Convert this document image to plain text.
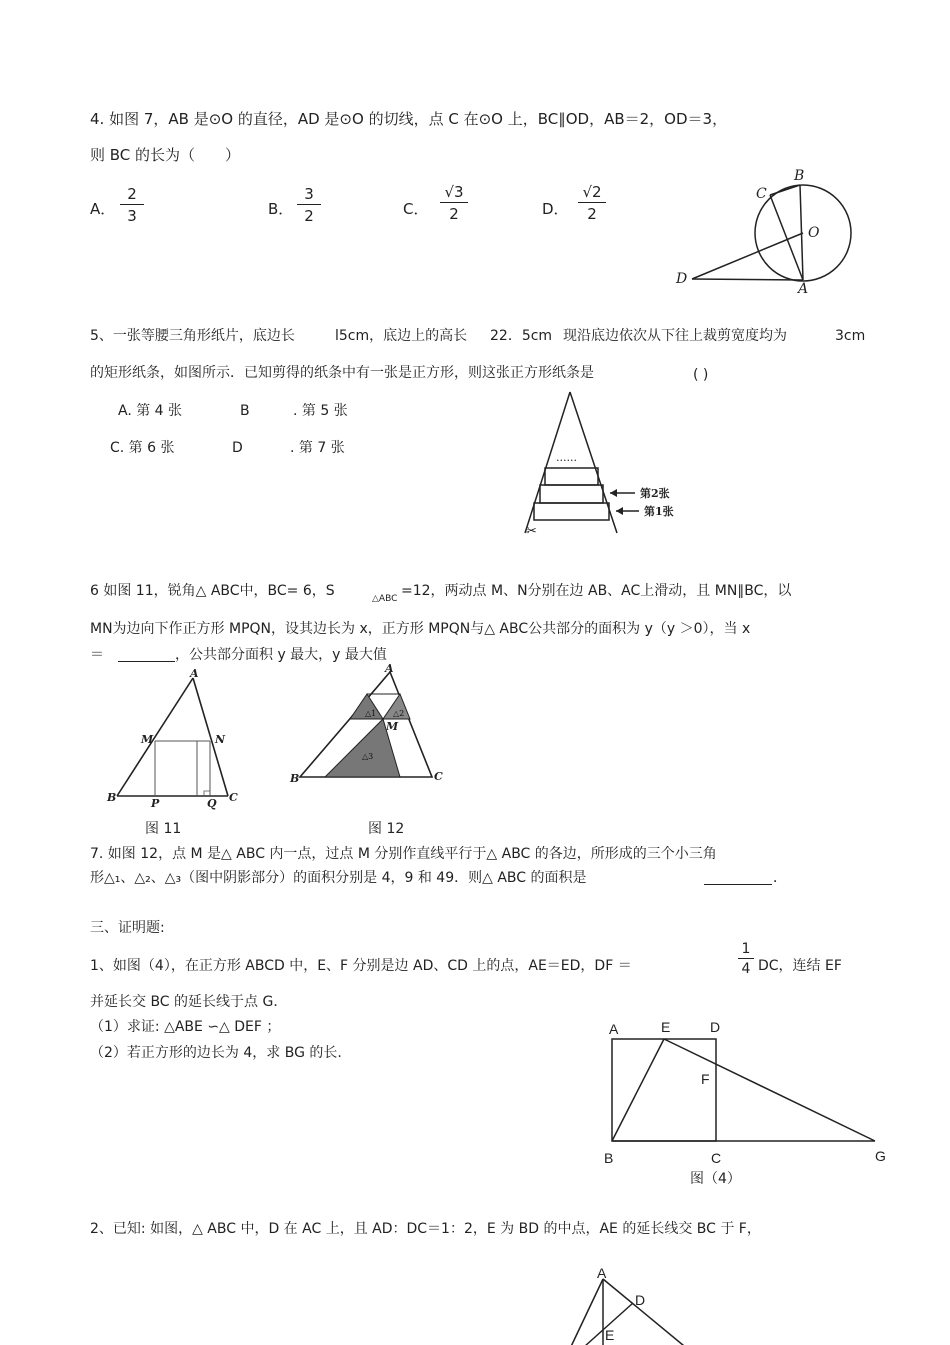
4. 如图 7，AB 是⊙O 的直径，AD 是⊙O 的切线，点 C 在⊙O 上，BC∥OD，AB＝2，OD＝3，
则 BC 的长为（　　）
A． $\frac{2}{3}$	B． $\frac{3}{2}$	C． $\frac{√3}{2}$	D． $\frac{√2}{2}$
B
C
O
D
A
5、一张等腰三角形纸片，底边长	l5cm，底边上的高长 22．5cm 现沿底边依次从下往上裁剪宽度均为	3cm
的矩形纸条，如图所示．已知剪得的纸条中有一张是正方形，则这张正方形纸条是	( )
A. 第 4 张	B	. 第 5 张
C. 第 6 张	D	. 第 7 张
......
第2张
第1张
✂
6 如图 11，锐角△ ABC中，BC= 6，S	△ABC =12，两动点 M、N分别在边 AB、AC上滑动，且 MN∥BC，以
MN为边向下作正方形 MPQN，设其边长为 x，正方形 MPQN与△ ABC公共部分的面积为 y（y ＞0），当 x
＝	，公共部分面积 y 最大，y 最大值
A
M	N
B	P	Q C
图 11
A
M
B	C
△1 △2
△3
图 12
7. 如图 12，点 M 是△ ABC 内一点，过点 M 分别作直线平行于△ ABC 的各边，所形成的三个小三角
形△₁、△₂、△₃（图中阴影部分）的面积分别是 4，9 和 49．则△ ABC 的面积是	．
三、证明题:
1、如图（4），在正方形 ABCD 中，E、F 分别是边 AD、CD 上的点，AE＝ED，DF ＝	$\frac{1}{4}$ DC，连结 EF
并延长交 BC 的延长线于点 G．
（1）求证: △ABE ∽△ DEF ；
（2）若正方形的边长为 4，求 BG 的长.
A	E	D
F
B	C	G
图（4）
2、已知: 如图，△ ABC 中，D 在 AC 上，且 AD：DC＝1：2，E 为 BD 的中点，AE 的延长线交 BC 于 F，
A
D
E
